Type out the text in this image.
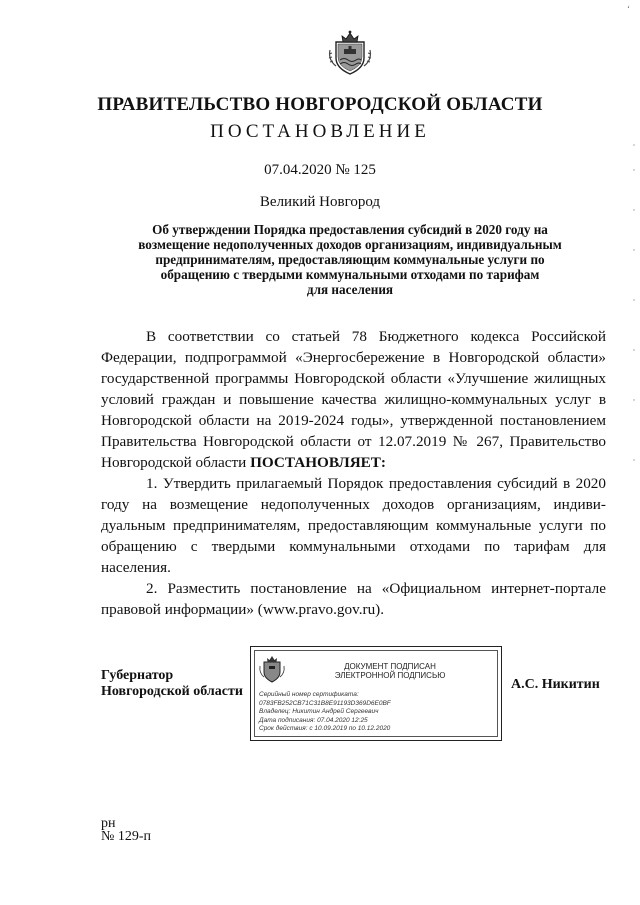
ПРАВИТЕЛЬСТВО НОВГОРОДСКОЙ ОБЛАСТИ
ПОСТАНОВЛЕНИЕ
07.04.2020 № 125
Великий Новгород
Об утверждении Порядка предоставления субсидий в 2020 году на
возмещение недополученных доходов организациям, индивидуальным
предпринимателям, предоставляющим коммунальные услуги по
обращению с твердыми коммунальными отходами по тарифам
для населения

В соответствии со статьей 78 Бюджетного кодекса Российской Федерации, подпрограммой «Энергосбережение в Новгородской области» государственной программы Новгородской области «Улучшение жилищных условий граждан и повышение качества жилищно-коммунальных услуг в Новгородской области на 2019-2024 годы», утвержденной постановлением Правительства Новгородской области от 12.07.2019 № 267, Правительство Новгородской области ПОСТАНОВЛЯЕТ:

1. Утвердить прилагаемый Порядок предоставления субсидий в 2020 году на возмещение недополученных доходов организациям, индиви-дуальным предпринимателям, предоставляющим коммунальные услуги по обращению с твердыми коммунальными отходами по тарифам для населения.

2. Разместить постановление на «Официальном интернет-портале правовой информации» (www.pravo.gov.ru).

Губернатор
Новгородской области
ДОКУМЕНТ ПОДПИСАН
ЭЛЕКТРОННОЙ ПОДПИСЬЮ
Серийный номер сертификата:
0783FB252CB71C31B8E91193D369D6E0BF
Владелец: Никитин Андрей Сергеевич
Дата подписания: 07.04.2020 12:25
Срок действия: с 10.09.2019 по 10.12.2020
А.С. Никитин
рн
№ 129-п
ʻ
